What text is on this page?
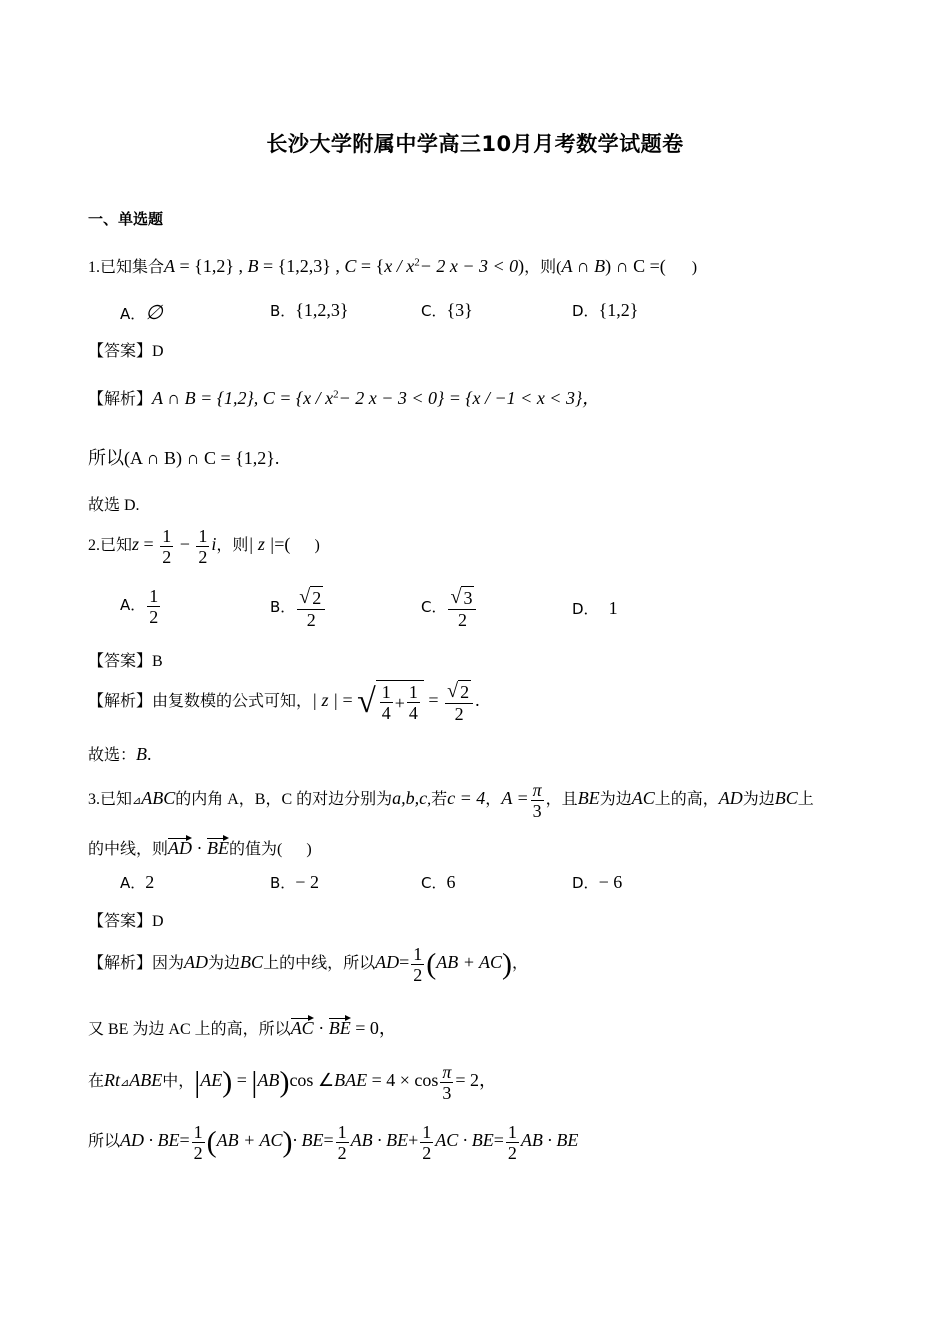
长沙大学附属中学高三10月月考数学试题卷
一、单选题
1.已知集合A = {1,2} , B = {1,2,3} , $C = \{x / x^2- 2$ x − 3 < 0)，则(A ∩ B) ∩ C =( )
A．∅	B．{1,2,3}	C．{3}	D．{1,2}
【答案】D
【解析】A ∩ B = {1,2}, $C = \{x / x^2- 2$ x − 3 < 0} = {x / −1 < x < 3}，
所以(A ∩ B) ∩ C = {1,2}.
故选 D.
2.已知$z = \frac{1}{2} - \frac{1}{2}$ i，则| z |=( )
A． $\frac{1}{2}$	B． $\frac{√ 2}{2}$	C． $\frac{√ 3}{2}$	D． 1
【答案】B
【解析】由复数模的公式可知，| z | = √ $\frac{1}{4} + \frac{1}{4} = \frac{√ 2}{2}$ .
故选：B.
3.已知⊿ABC的内角 A，B，C 的对边分别为a,b,c,若c = 4，$A = \frac{\pi}{3}$ ，且BE为边AC上的高，AD为边BC上
的中线，则AD · BE的值为( )
A．2	B．− 2	C．6	D．− 6
【答案】D
【解析】因为AD为边BC上的中线，所以$AD= \frac{1}{2} (AB + AC)$，
又 BE 为边 AC 上的高，所以AC · BE = 0，
在Rt⊿ABE中，|AE) = |AB)cos ∠BAE = $4 \times \cos \frac{\pi}{3} = 2$，
所以AD · $BE= \frac{1}{2} (AB + AC)\cdot BE= \frac{1}{2}$ AB · $BE+ \frac{1}{2}$ AC · $BE= \frac{1}{2}$ AB · BE
